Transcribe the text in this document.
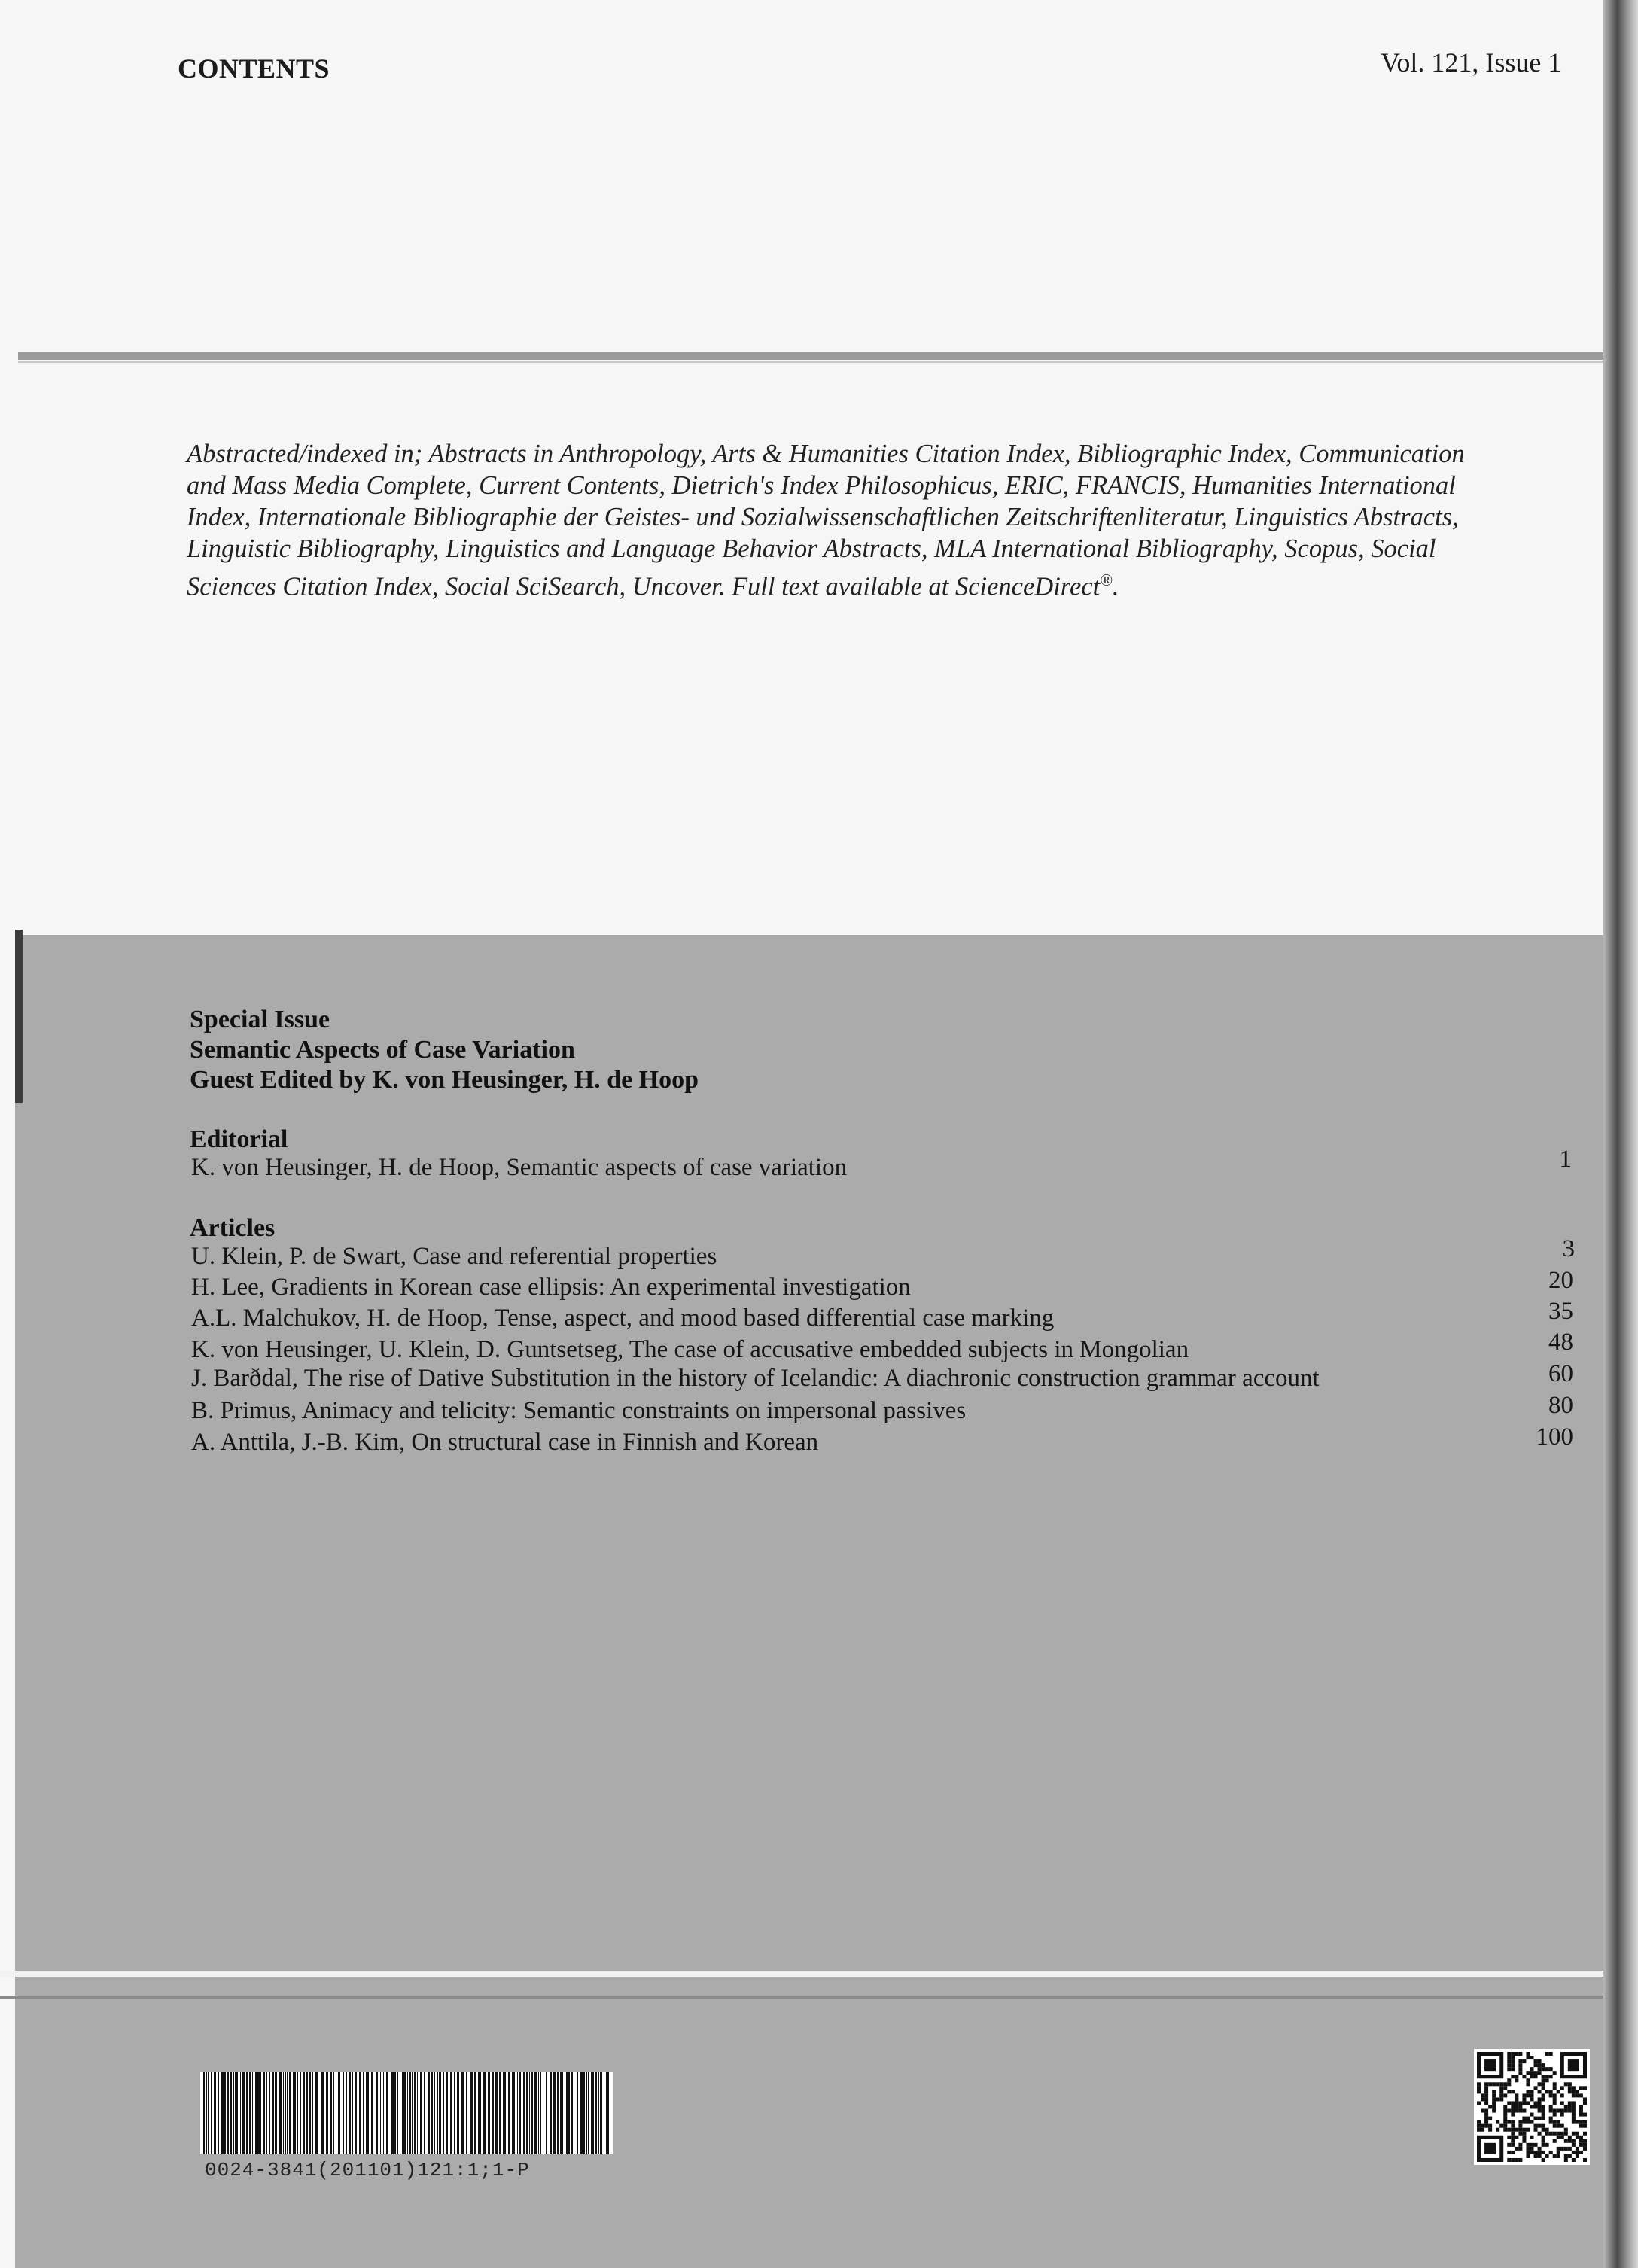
CONTENTS	Vol. 121, Issue 1
Abstracted/indexed in; Abstracts in Anthropology, Arts & Humanities Citation Index, Bibliographic Index, Communication
and Mass Media Complete, Current Contents, Dietrich's Index Philosophicus, ERIC, FRANCIS, Humanities International
Index, Internationale Bibliographie der Geistes- und Sozialwissenschaftlichen Zeitschriftenliteratur, Linguistics Abstracts,
Linguistic Bibliography, Linguistics and Language Behavior Abstracts, MLA International Bibliography, Scopus, Social
Sciences Citation Index, Social SciSearch, Uncover. Full text available at ScienceDirect®.
Special Issue
Semantic Aspects of Case Variation
Guest Edited by K. von Heusinger, H. de Hoop
Editorial
K. von Heusinger, H. de Hoop, Semantic aspects of case variation	1
Articles
U. Klein, P. de Swart, Case and referential properties	3
H. Lee, Gradients in Korean case ellipsis: An experimental investigation	20
A.L. Malchukov, H. de Hoop, Tense, aspect, and mood based differential case marking	35
K. von Heusinger, U. Klein, D. Guntsetseg, The case of accusative embedded subjects in Mongolian	48
J. Barðdal, The rise of Dative Substitution in the history of Icelandic: A diachronic construction grammar account	60
B. Primus, Animacy and telicity: Semantic constraints on impersonal passives	80
A. Anttila, J.-B. Kim, On structural case in Finnish and Korean	100
0024-3841(201101)121:1;1-P
